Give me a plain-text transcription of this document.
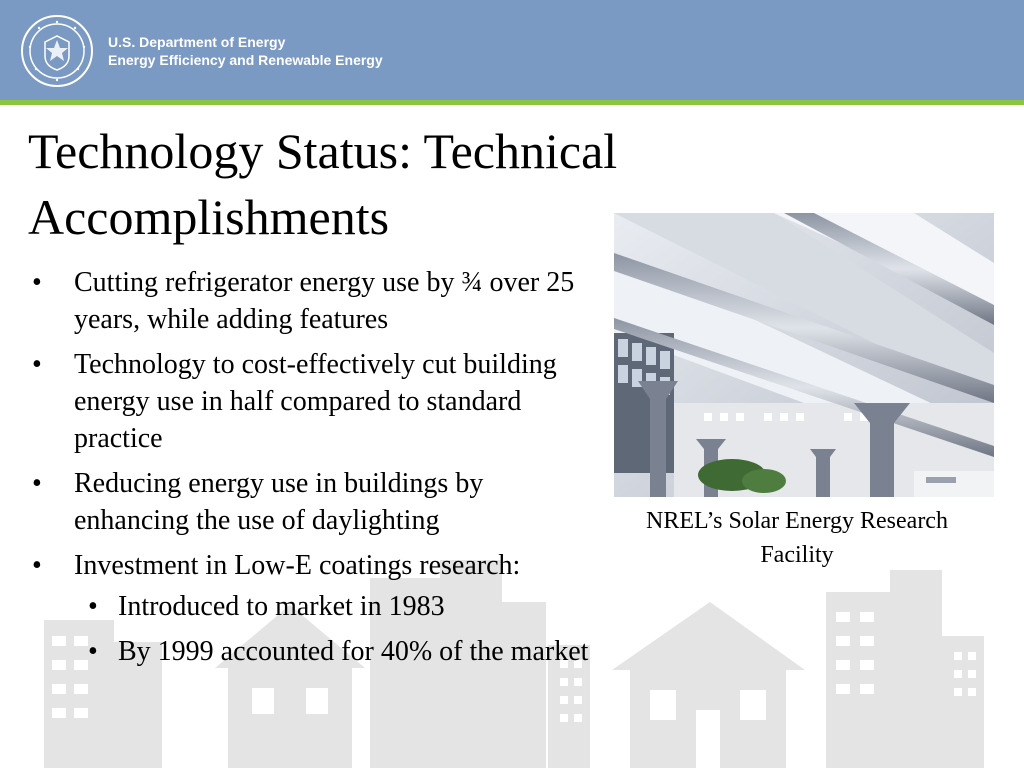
U.S. Department of Energy
Energy Efficiency and Renewable Energy
Technology Status: Technical Accomplishments
• Cutting refrigerator energy use by ¾ over 25 years, while adding features
• Technology to cost-effectively cut building energy use in half compared to standard practice
• Reducing energy use in buildings by enhancing the use of daylighting
• Investment in Low-E coatings research:
• Introduced to market in 1983
• By 1999 accounted for 40% of the market
NREL’s Solar Energy Research Facility
